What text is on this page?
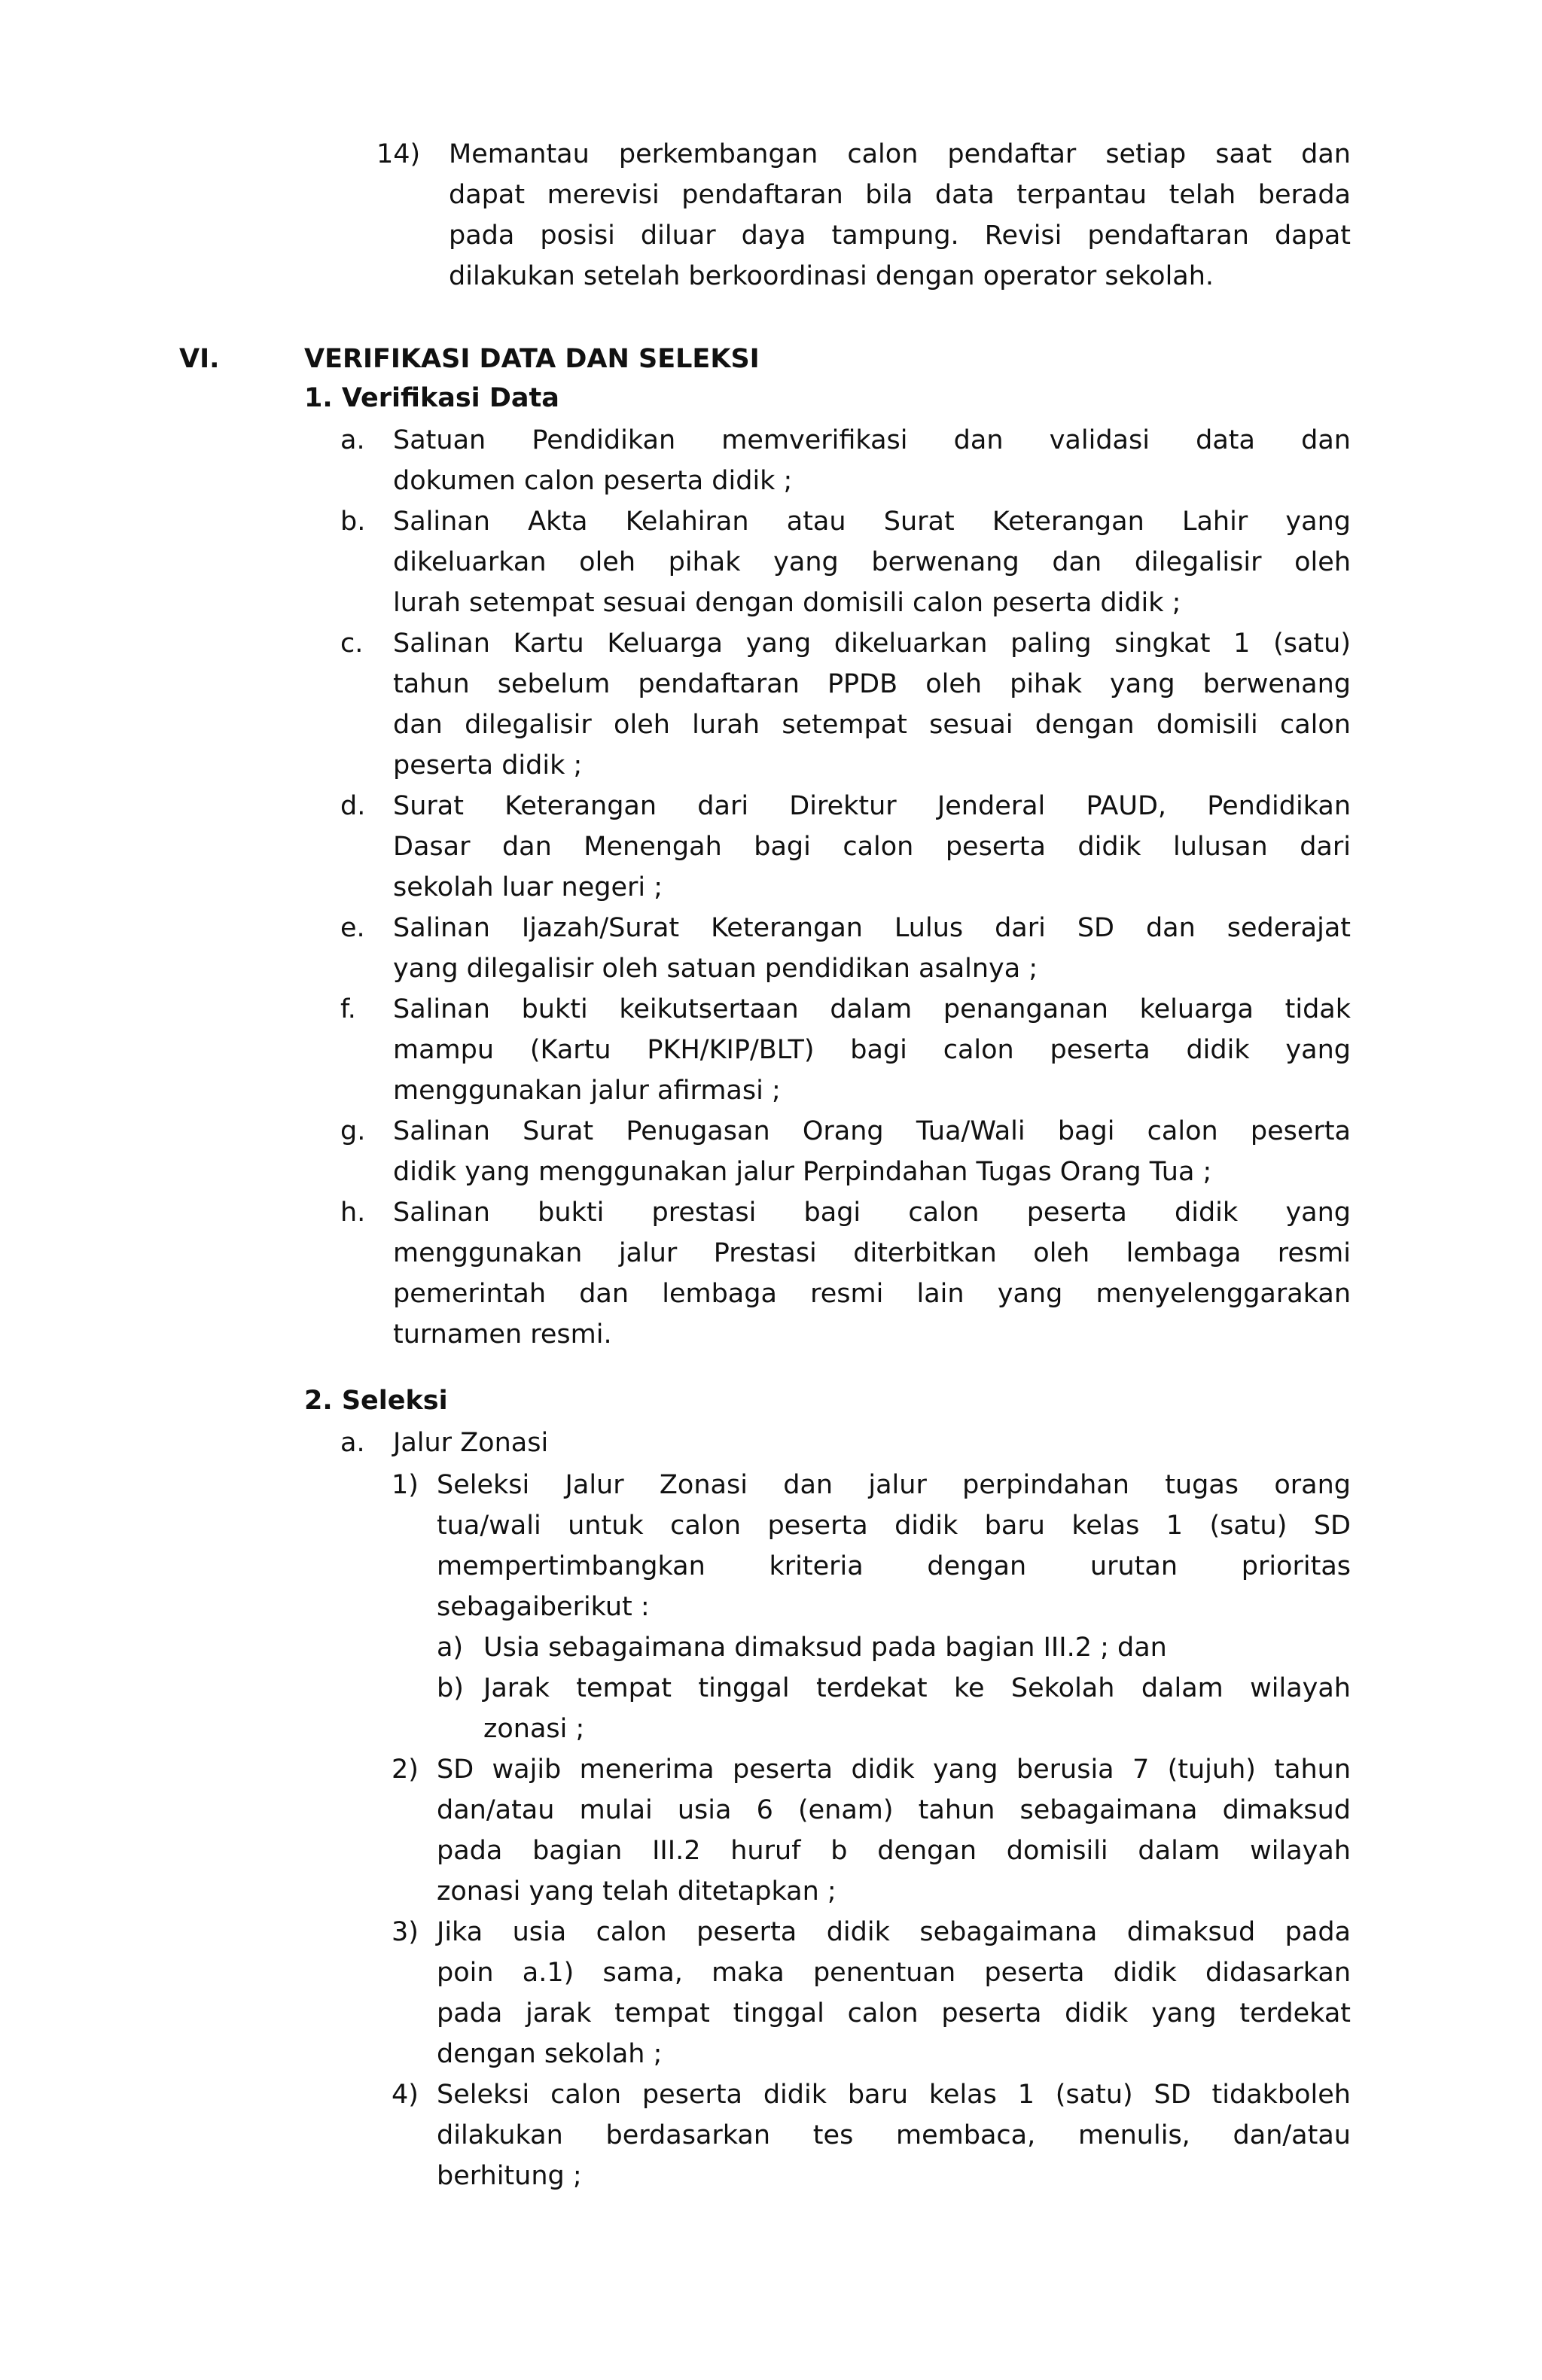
14)	Memantau perkembangan calon pendaftar setiap saat dan
dapat merevisi pendaftaran bila data terpantau telah berada
pada posisi diluar daya tampung. Revisi pendaftaran dapat
dilakukan setelah berkoordinasi dengan operator sekolah.
VI.	VERIFIKASI DATA DAN SELEKSI
1. Verifikasi Data
a.	Satuan Pendidikan memverifikasi dan validasi data dan
dokumen calon peserta didik ;
b.	Salinan Akta Kelahiran atau Surat Keterangan Lahir yang
dikeluarkan oleh pihak yang berwenang dan dilegalisir oleh
lurah setempat sesuai dengan domisili calon peserta didik ;
c.	Salinan Kartu Keluarga yang dikeluarkan paling singkat 1 (satu)
tahun sebelum pendaftaran PPDB oleh pihak yang berwenang
dan dilegalisir oleh lurah setempat sesuai dengan domisili calon
peserta didik ;
d.	Surat Keterangan dari Direktur Jenderal PAUD, Pendidikan
Dasar dan Menengah bagi calon peserta didik lulusan dari
sekolah luar negeri ;
e.	Salinan Ijazah/Surat Keterangan Lulus dari SD dan sederajat
yang dilegalisir oleh satuan pendidikan asalnya ;
f.	Salinan bukti keikutsertaan dalam penanganan keluarga tidak
mampu (Kartu PKH/KIP/BLT) bagi calon peserta didik yang
menggunakan jalur afirmasi ;
g.	Salinan Surat Penugasan Orang Tua/Wali bagi calon peserta
didik yang menggunakan jalur Perpindahan Tugas Orang Tua ;
h.	Salinan bukti prestasi bagi calon peserta didik yang
menggunakan jalur Prestasi diterbitkan oleh lembaga resmi
pemerintah dan lembaga resmi lain yang menyelenggarakan
turnamen resmi.
2. Seleksi
a.	Jalur Zonasi
1) Seleksi Jalur Zonasi dan jalur perpindahan tugas orang
tua/wali untuk calon peserta didik baru kelas 1 (satu) SD
mempertimbangkan kriteria dengan urutan prioritas
sebagaiberikut :
a) Usia sebagaimana dimaksud pada bagian III.2 ; dan
b) Jarak tempat tinggal terdekat ke Sekolah dalam wilayah
zonasi ;
2) SD wajib menerima peserta didik yang berusia 7 (tujuh) tahun
dan/atau mulai usia 6 (enam) tahun sebagaimana dimaksud
pada bagian III.2 huruf b dengan domisili dalam wilayah
zonasi yang telah ditetapkan ;
3) Jika usia calon peserta didik sebagaimana dimaksud pada
poin a.1) sama, maka penentuan peserta didik didasarkan
pada jarak tempat tinggal calon peserta didik yang terdekat
dengan sekolah ;
4) Seleksi calon peserta didik baru kelas 1 (satu) SD tidakboleh
dilakukan berdasarkan tes membaca, menulis, dan/atau
berhitung ;
